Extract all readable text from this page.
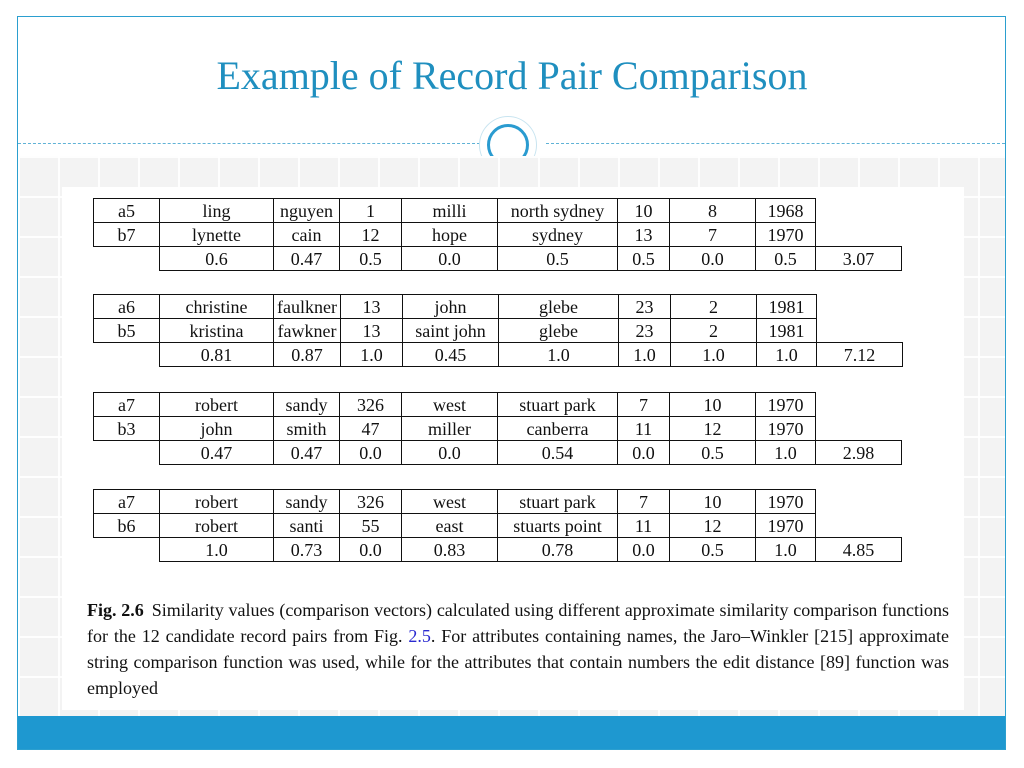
Example of Record Pair Comparison
a5	ling	nguyen	1	milli	north sydney	10	8	1968	
b7	lynette	cain	12	hope	sydney	13	7	1970	
	0.6	0.47	0.5	0.0	0.5	0.5	0.0	0.5	3.07
a6	christine	faulkner	13	john	glebe	23	2	1981	
b5	kristina	fawkner	13	saint john	glebe	23	2	1981	
	0.81	0.87	1.0	0.45	1.0	1.0	1.0	1.0	7.12
a7	robert	sandy	326	west	stuart park	7	10	1970	
b3	john	smith	47	miller	canberra	11	12	1970	
	0.47	0.47	0.0	0.0	0.54	0.0	0.5	1.0	2.98
a7	robert	sandy	326	west	stuart park	7	10	1970	
b6	robert	santi	55	east	stuarts point	11	12	1970	
	1.0	0.73	0.0	0.83	0.78	0.0	0.5	1.0	4.85
Fig. 2.6 Similarity values (comparison vectors) calculated using different approximate similarity comparison functions for the 12 candidate record pairs from Fig. 2.5. For attributes containing names, the Jaro–Winkler [215] approximate string comparison function was used, while for the attributes that contain numbers the edit distance [89] function was employed
